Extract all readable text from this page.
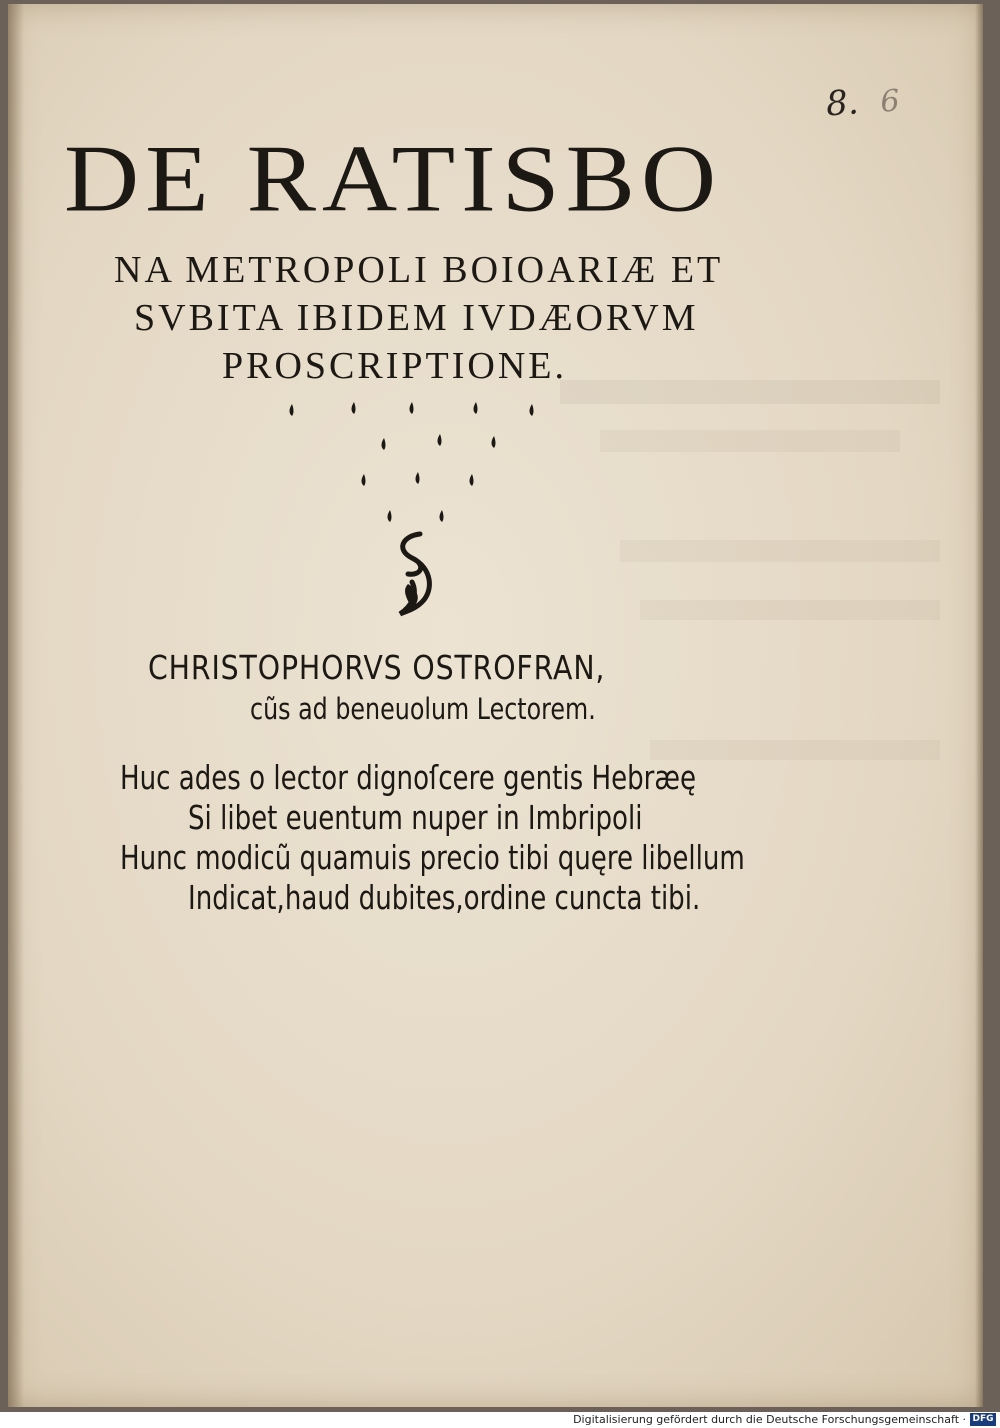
8. 6
DE RATISBO
NA METROPOLI BOIOARIÆ ET
SVBITA IBIDEM IVDÆORVM
PROSCRIPTIONE.
CHRISTOPHORVS OSTROFRAN,
cũs ad beneuolum Lectorem.
Huc ades o lector dignoſcere gentis Hebræę
Si libet euentum nuper in Imbripoli
Hunc modicũ quamuis precio tibi quęre libellum
Indicat,haud dubites,ordine cuncta tibi.
Digitalisierung gefördert durch die Deutsche Forschungsgemeinschaft · DFG
